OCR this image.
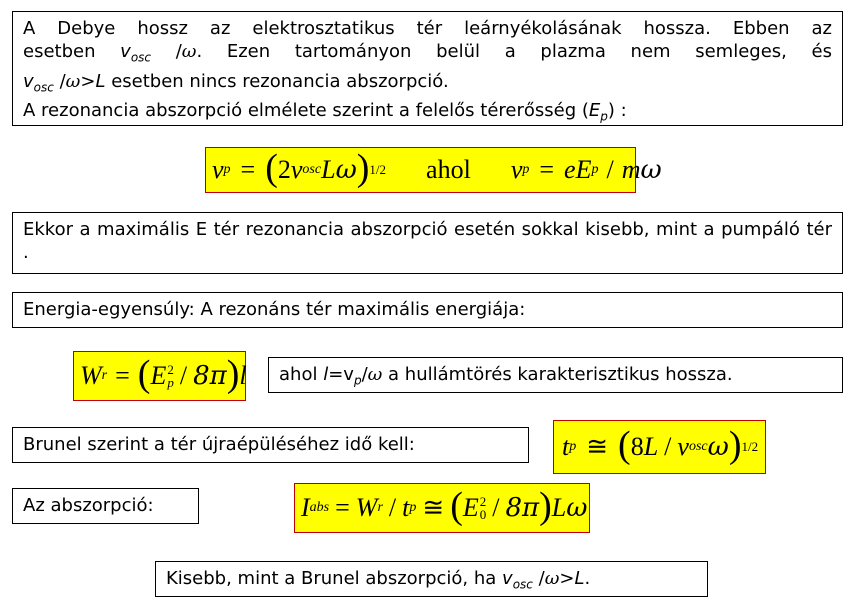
A Debye hossz az elektrosztatikus tér leárnyékolásának hossza. Ebben az
esetben $v_{osc}$ /ω. Ezen tartományon belül a plazma nem semleges, és
$v_{osc}$ /ω>L esetben nincs rezonancia abszorpció.
A rezonancia abszorpció elmélete szerint a felelős térerősség $(E_p)$ :
v p = ( 2 v osc L ω ) 1/2 ahol v p = e E p / m ω
Ekkor a maximális E tér rezonancia abszorpció esetén sokkal kisebb, mint a pumpáló tér .
Energia-egyensúly: A rezonáns tér maximális energiája:
W r = ( E 2
p / 8π ) l	ahol $l=v_p/\omega$ a hullámtörés karakterisztikus hossza.
Brunel szerint a tér újraépüléséhez idő kell:	t p ≅ ( 8 L / v osc ω ) 1/2
Az abszorpció:	I abs = W r / t p ≅ ( E 2
0 / 8π ) L ω
Kisebb, mint a Brunel abszorpció, ha $v_{osc}$ /ω>L.
